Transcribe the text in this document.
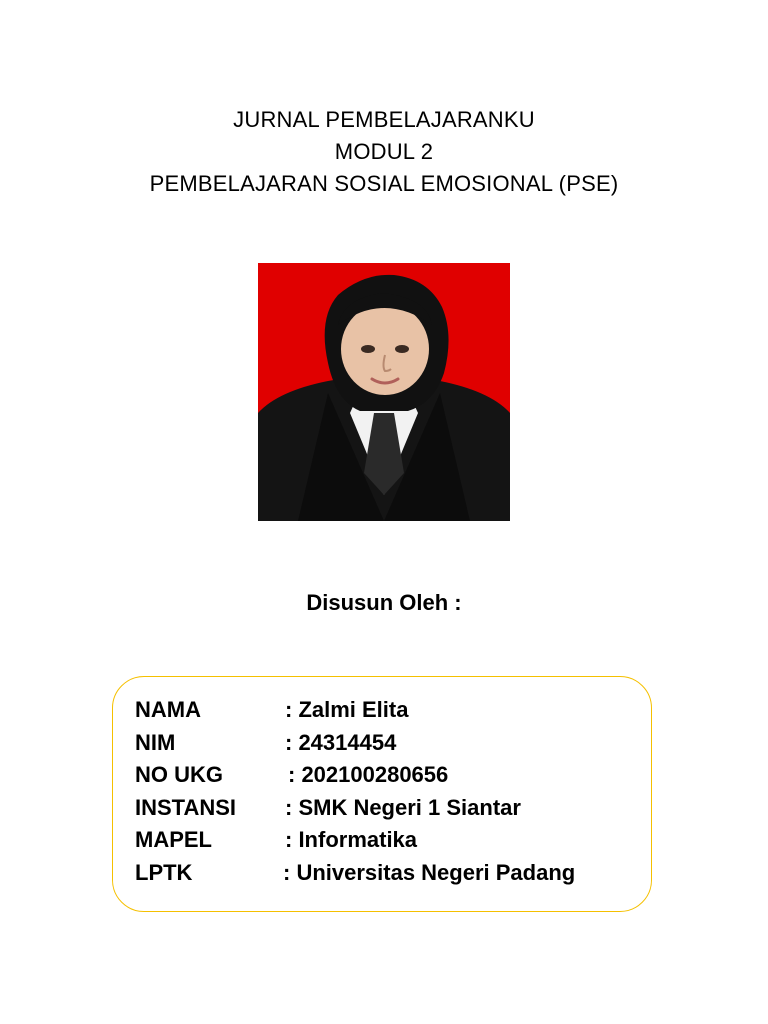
JURNAL PEMBELAJARANKU
MODUL 2
PEMBELAJARAN SOSIAL EMOSIONAL (PSE)
Disusun Oleh :
NAMA	: Zalmi Elita
NIM	: 24314454
NO UKG	: 202100280656
INSTANSI : SMK Negeri 1 Siantar
MAPEL	: Informatika
LPTK	: Universitas Negeri Padang
